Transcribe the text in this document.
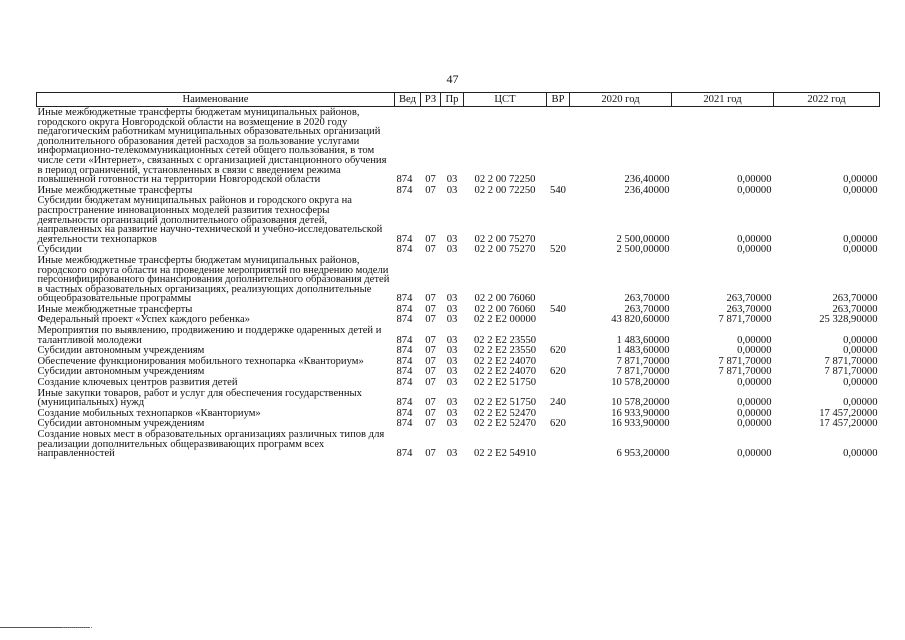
47
Наименование	Вед	РЗ	Пр	ЦСТ	ВР	2020 год	2021 год	2022 год
Иные межбюджетные трансферты бюджетам муниципальных районов, городского округа Новгородской области на возмещение в 2020 году педагогическим работникам муниципальных образовательных организаций дополнительного образования детей расходов за пользование услугами информационно-телекоммуникационных сетей общего пользования, в том числе сети «Интернет», связанных с организацией дистанционного обучения в период ограничений, установленных в связи с введением режима повышенной готовности на территории Новгородской области	874	07	03	02 2 00 72250		236,40000	0,00000	0,00000
Иные межбюджетные трансферты	874	07	03	02 2 00 72250	540	236,40000	0,00000	0,00000
Субсидии бюджетам муниципальных районов и городского округа на распространение инновационных моделей развития техносферы деятельности организаций дополнительного образования детей, направленных на развитие научно-технической и учебно-исследовательской деятельности технопарков	874	07	03	02 2 00 75270		2 500,00000	0,00000	0,00000
Субсидии	874	07	03	02 2 00 75270	520	2 500,00000	0,00000	0,00000
Иные межбюджетные трансферты бюджетам муниципальных районов, городского округа области на проведение мероприятий по внедрению модели персонифицированного финансирования дополнительного образования детей в частных образовательных организациях, реализующих дополнительные общеобразовательные программы	874	07	03	02 2 00 76060		263,70000	263,70000	263,70000
Иные межбюджетные трансферты	874	07	03	02 2 00 76060	540	263,70000	263,70000	263,70000
Федеральный проект «Успех каждого ребенка»	874	07	03	02 2 E2 00000		43 820,60000	7 871,70000	25 328,90000
Мероприятия по выявлению, продвижению и поддержке одаренных детей и талантливой молодежи	874	07	03	02 2 E2 23550		1 483,60000	0,00000	0,00000
Субсидии автономным учреждениям	874	07	03	02 2 E2 23550	620	1 483,60000	0,00000	0,00000
Обеспечение функционирования мобильного технопарка «Кванториум»	874	07	03	02 2 E2 24070		7 871,70000	7 871,70000	7 871,70000
Субсидии автономным учреждениям	874	07	03	02 2 E2 24070	620	7 871,70000	7 871,70000	7 871,70000
Создание ключевых центров развития детей	874	07	03	02 2 E2 51750		10 578,20000	0,00000	0,00000
Иные закупки товаров, работ и услуг для обеспечения государственных (муниципальных) нужд	874	07	03	02 2 E2 51750	240	10 578,20000	0,00000	0,00000
Создание мобильных технопарков «Кванториум»	874	07	03	02 2 E2 52470		16 933,90000	0,00000	17 457,20000
Субсидии автономным учреждениям	874	07	03	02 2 E2 52470	620	16 933,90000	0,00000	17 457,20000
Создание новых мест в образовательных организациях различных типов для реализации дополнительных общеразвивающих программ всех направленностей	874	07	03	02 2 E2 54910		6 953,20000	0,00000	0,00000
